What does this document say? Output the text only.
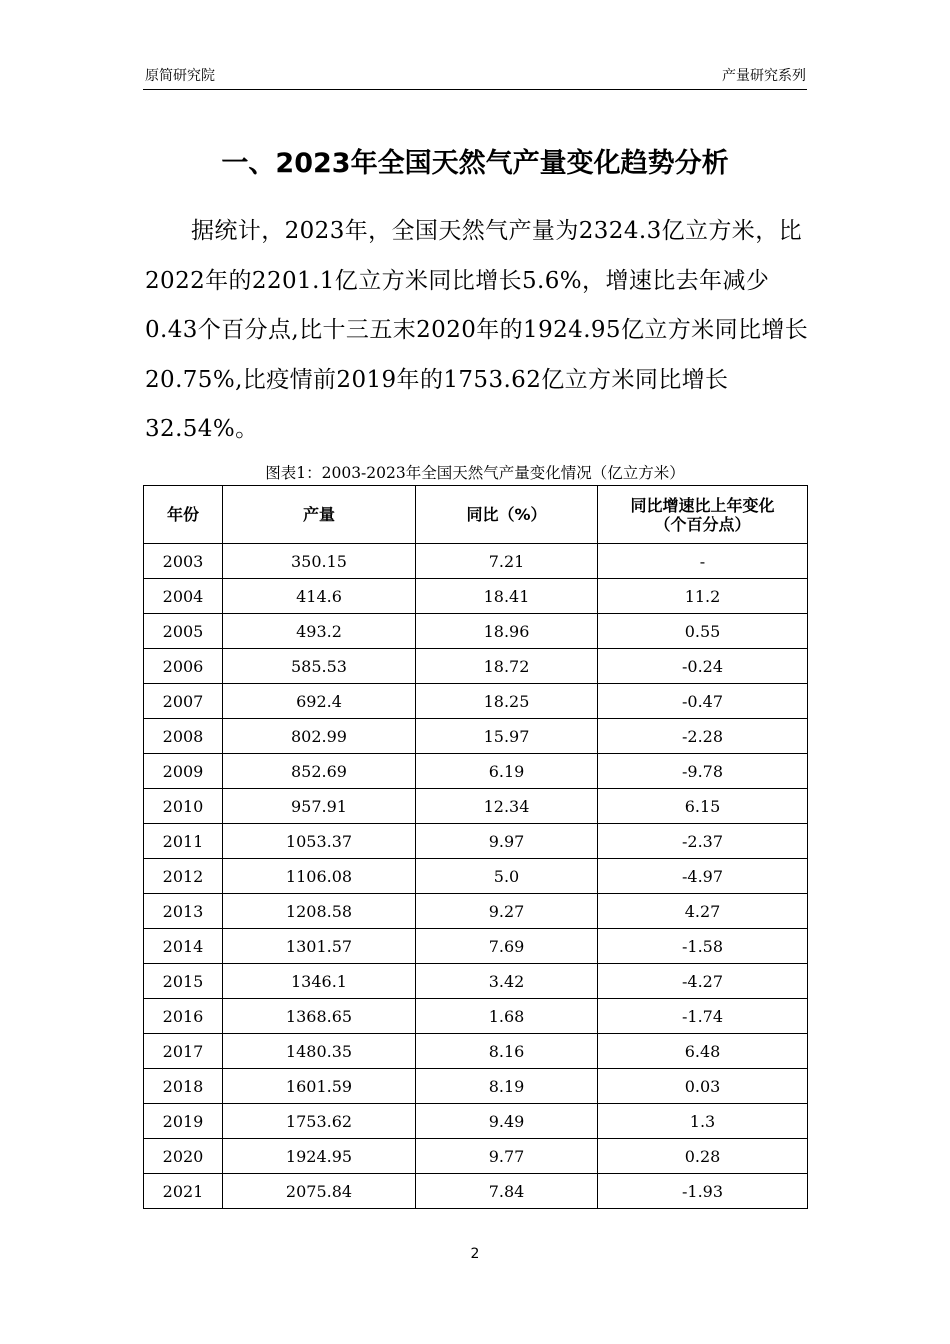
原简研究院	产量研究系列
一、2023年全国天然气产量变化趋势分析

据统计，2023年，全国天然气产量为2324.3亿立方米，比2022年的2201.1亿立方米同比增长5.6%，增速比去年减少0.43个百分点,比十三五末2020年的1924.95亿立方米同比增长20.75%,比疫情前2019年的1753.62亿立方米同比增长32.54%。

图表1：2003-2023年全国天然气产量变化情况（亿立方米）
年份	产量	同比（%）	同比增速比上年变化
（个百分点）
2003	350.15	7.21	-
2004	414.6	18.41	11.2
2005	493.2	18.96	0.55
2006	585.53	18.72	-0.24
2007	692.4	18.25	-0.47
2008	802.99	15.97	-2.28
2009	852.69	6.19	-9.78
2010	957.91	12.34	6.15
2011	1053.37	9.97	-2.37
2012	1106.08	5.0	-4.97
2013	1208.58	9.27	4.27
2014	1301.57	7.69	-1.58
2015	1346.1	3.42	-4.27
2016	1368.65	1.68	-1.74
2017	1480.35	8.16	6.48
2018	1601.59	8.19	0.03
2019	1753.62	9.49	1.3
2020	1924.95	9.77	0.28
2021	2075.84	7.84	-1.93
2
